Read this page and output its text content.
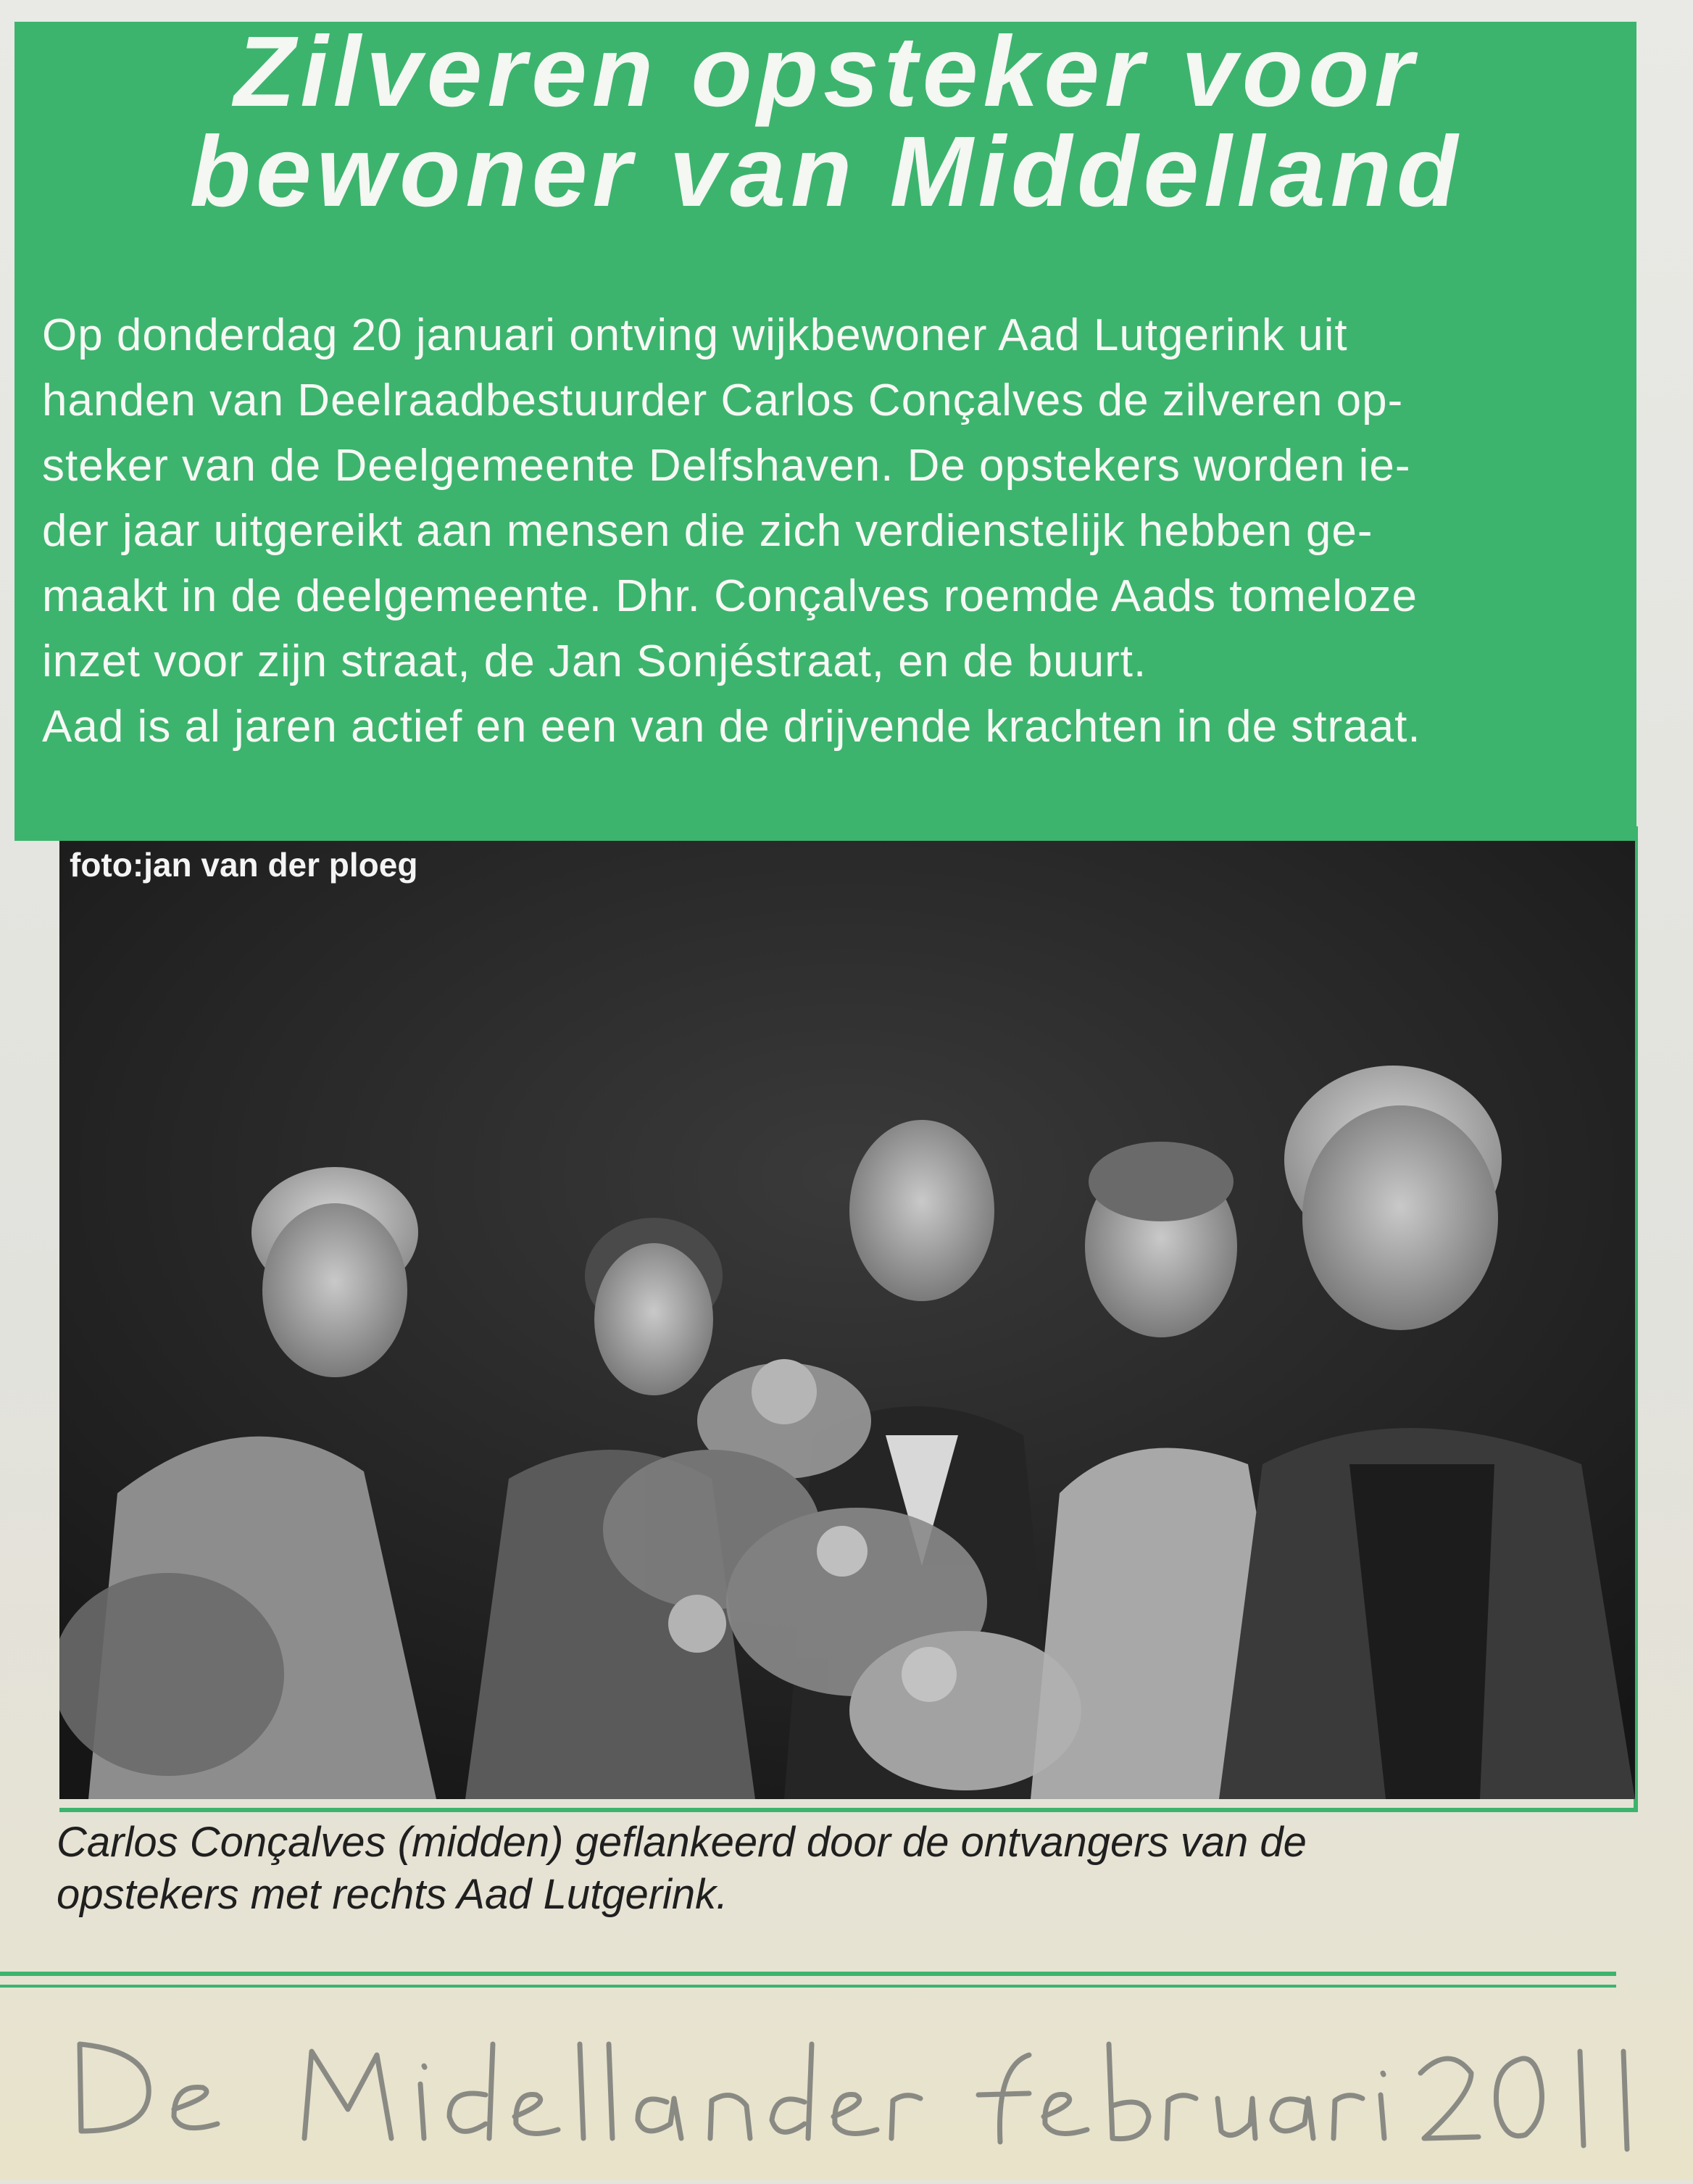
Zilveren opsteker voor
bewoner van Middelland
Op donderdag 20 januari ontving wijkbewoner Aad Lutgerink uit
handen van Deelraadbestuurder Carlos Conçalves de zilveren op-
steker van de Deelgemeente Delfshaven. De opstekers worden ie-
der jaar uitgereikt aan mensen die zich verdienstelijk hebben ge-
maakt in de deelgemeente. Dhr. Conçalves roemde Aads tomeloze
inzet voor zijn straat, de Jan Sonjéstraat, en de buurt.
Aad is al jaren actief en een van de drijvende krachten in de straat.
foto:jan van der ploeg
Carlos Conçalves (midden) geflankeerd door de ontvangers van de
opstekers met rechts Aad Lutgerink.
